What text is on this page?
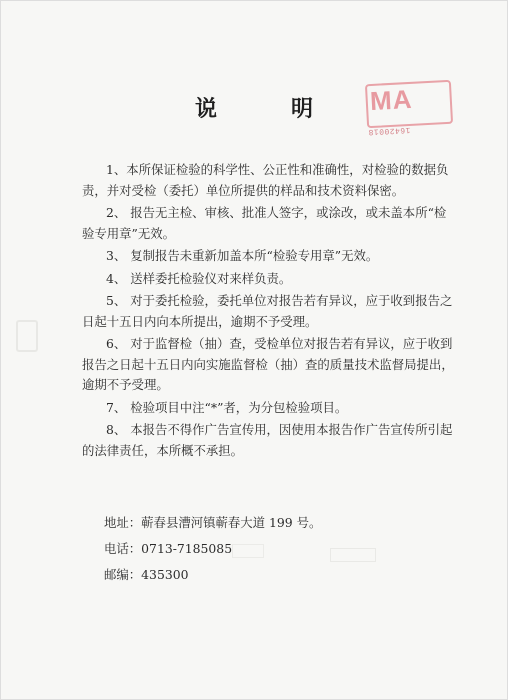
说　明	MA
16420018

1、本所保证检验的科学性、公正性和准确性，对检验的数据负责，并对受检（委托）单位所提供的样品和技术资料保密。

2、 报告无主检、审核、批准人签字，或涂改，或未盖本所“检验专用章”无效。

3、 复制报告未重新加盖本所“检验专用章”无效。

4、 送样委托检验仪对来样负责。

5、 对于委托检验，委托单位对报告若有异议，应于收到报告之日起十五日内向本所提出，逾期不予受理。

6、 对于监督检（抽）查，受检单位对报告若有异议，应于收到报告之日起十五日内向实施监督检（抽）查的质量技术监督局提出，逾期不予受理。

7、 检验项目中注“*”者，为分包检验项目。

8、 本报告不得作广告宣传用，因使用本报告作广告宣传所引起的法律责任，本所概不承担。

地址：蕲春县漕河镇蕲春大道 199 号。
电话：0713-7185085
邮编：435300
